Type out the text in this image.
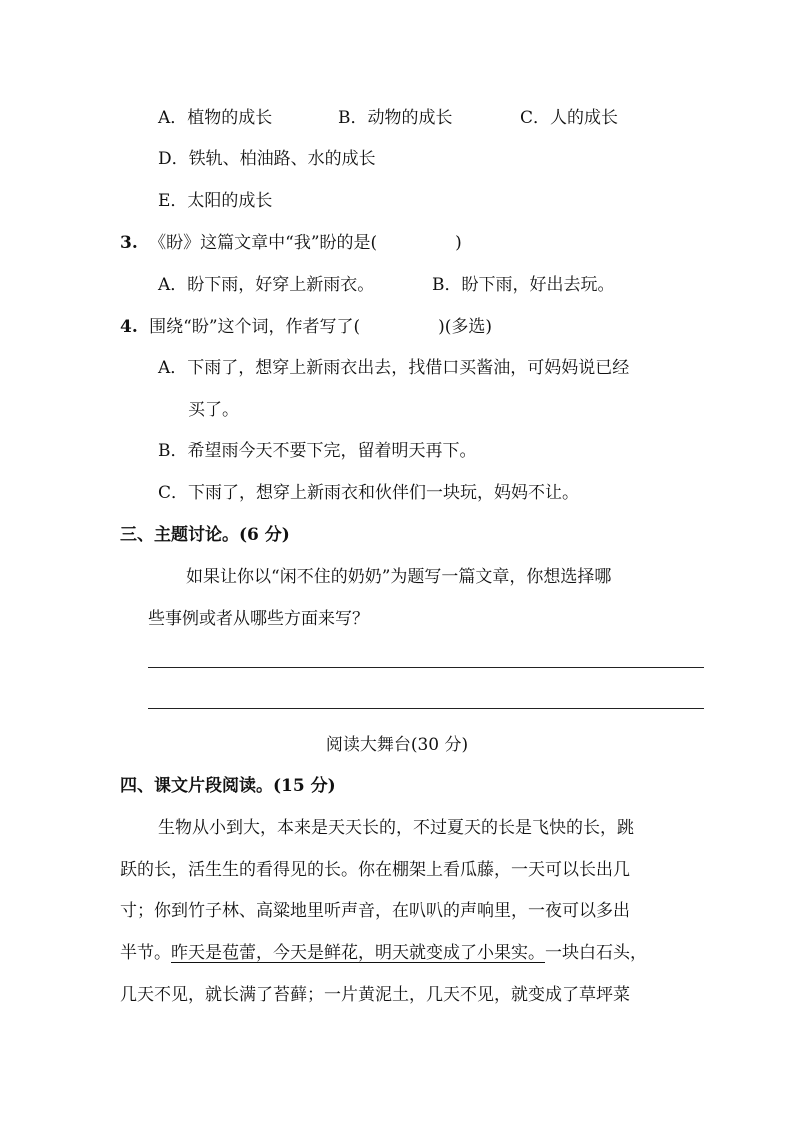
A．植物的成长	B．动物的成长	C．人的成长
D．铁轨、柏油路、水的成长
E．太阳的成长
3. 《盼》这篇文章中“我”盼的是(	)
A．盼下雨，好穿上新雨衣。	B．盼下雨，好出去玩。
4. 围绕“盼”这个词，作者写了(	)(多选)
A．下雨了，想穿上新雨衣出去，找借口买酱油，可妈妈说已经
买了。
B．希望雨今天不要下完，留着明天再下。
C．下雨了，想穿上新雨衣和伙伴们一块玩，妈妈不让。
三、主题讨论。(6 分)
如果让你以“闲不住的奶奶”为题写一篇文章，你想选择哪
些事例或者从哪些方面来写？
阅读大舞台(30 分)
四、课文片段阅读。(15 分)
生物从小到大，本来是天天长的，不过夏天的长是飞快的长，跳
跃的长，活生生的看得见的长。你在棚架上看瓜藤，一天可以长出几
寸；你到竹子林、高粱地里听声音，在叭叭的声响里，一夜可以多出
半节。昨天是苞蕾，今天是鲜花，明天就变成了小果实。一块白石头，
几天不见，就长满了苔藓；一片黄泥土，几天不见，就变成了草坪菜
